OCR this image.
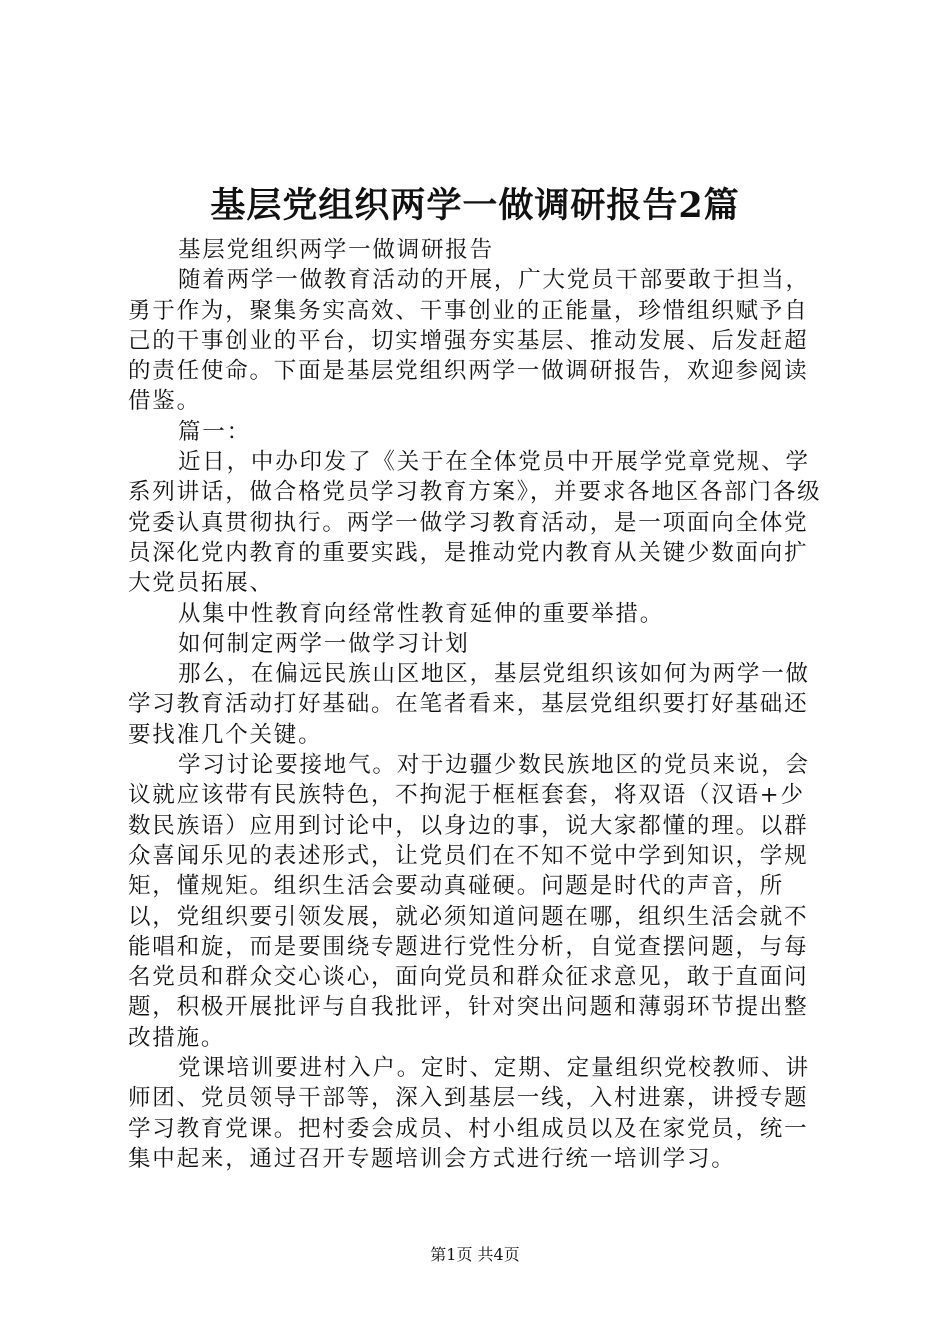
基层党组织两学一做调研报告2篇

基层党组织两学一做调研报告

随着两学一做教育活动的开展，广大党员干部要敢于担当，勇于作为，聚集务实高效、干事创业的正能量，珍惜组织赋予自己的干事创业的平台，切实增强夯实基层、推动发展、后发赶超的责任使命。下面是基层党组织两学一做调研报告，欢迎参阅读借鉴。

篇一：

近日，中办印发了《关于在全体党员中开展学党章党规、学系列讲话，做合格党员学习教育方案》，并要求各地区各部门各级党委认真贯彻执行。两学一做学习教育活动，是一项面向全体党员深化党内教育的重要实践，是推动党内教育从关键少数面向扩大党员拓展、

从集中性教育向经常性教育延伸的重要举措。

如何制定两学一做学习计划

那么，在偏远民族山区地区，基层党组织该如何为两学一做学习教育活动打好基础。在笔者看来，基层党组织要打好基础还要找准几个关键。

学习讨论要接地气。对于边疆少数民族地区的党员来说，会议就应该带有民族特色，不拘泥于框框套套，将双语（汉语+少数民族语）应用到讨论中，以身边的事，说大家都懂的理。以群众喜闻乐见的表述形式，让党员们在不知不觉中学到知识，学规矩，懂规矩。组织生活会要动真碰硬。问题是时代的声音，所以，党组织要引领发展，就必须知道问题在哪，组织生活会就不能唱和旋，而是要围绕专题进行党性分析，自觉查摆问题，与每名党员和群众交心谈心，面向党员和群众征求意见，敢于直面问题，积极开展批评与自我批评，针对突出问题和薄弱环节提出整改措施。

党课培训要进村入户。定时、定期、定量组织党校教师、讲师团、党员领导干部等，深入到基层一线，入村进寨，讲授专题学习教育党课。把村委会成员、村小组成员以及在家党员，统一集中起来，通过召开专题培训会方式进行统一培训学习。

第1页 共4页
